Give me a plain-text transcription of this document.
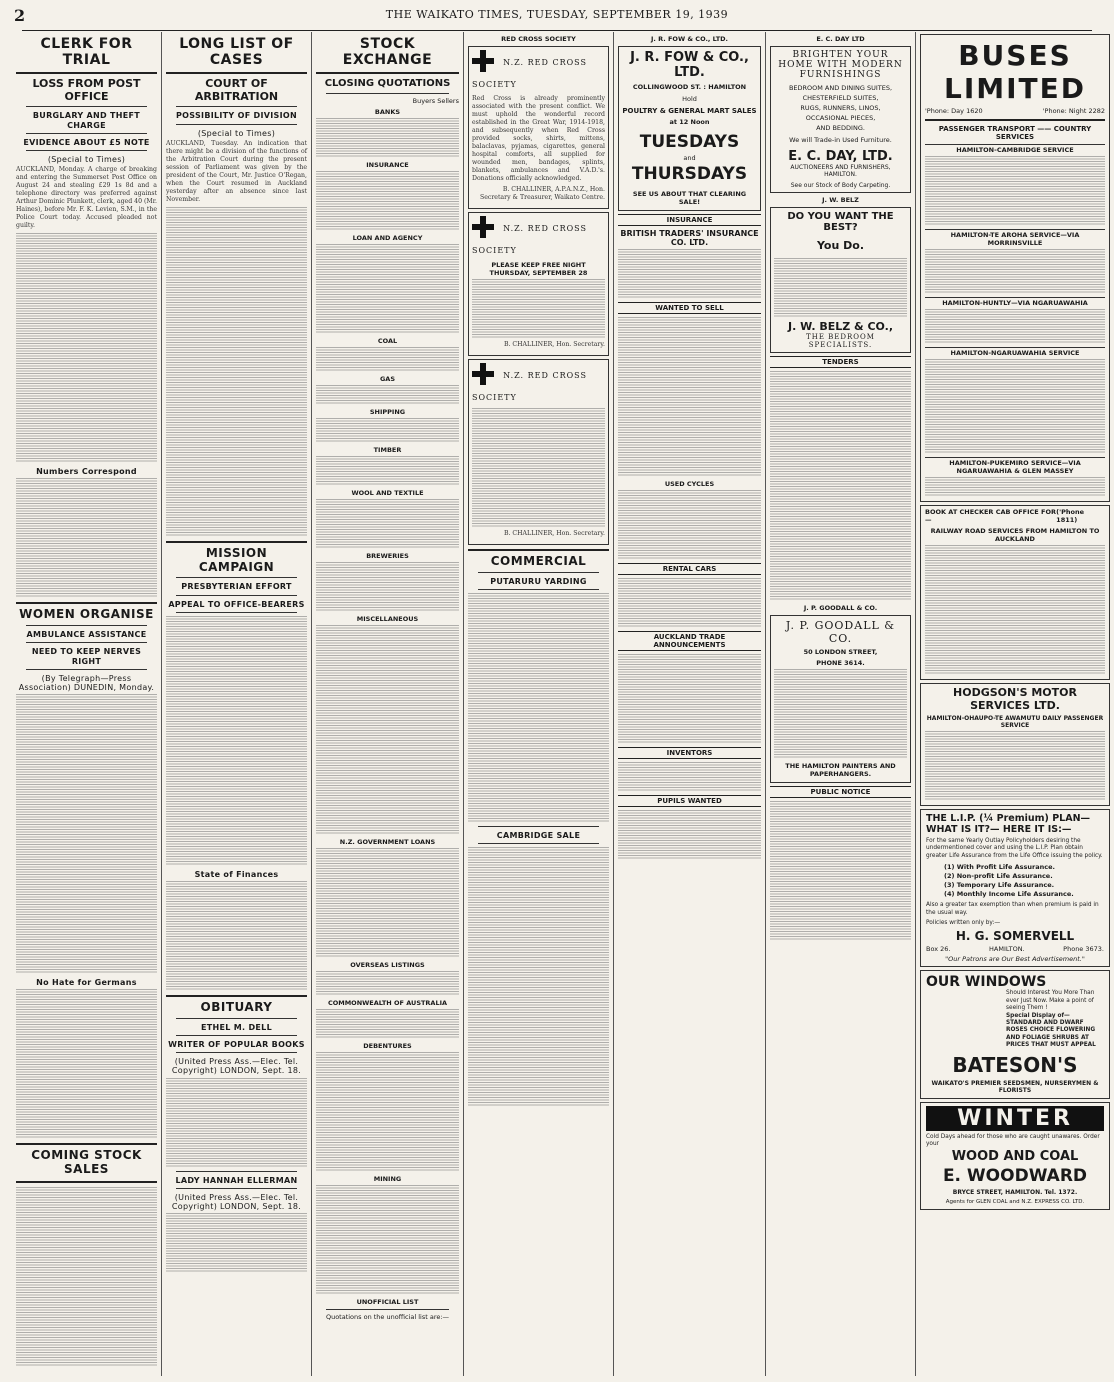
2	THE WAIKATO TIMES, TUESDAY, SEPTEMBER 19, 1939
CLERK FOR TRIAL
LOSS FROM POST OFFICE
BURGLARY AND THEFT CHARGE
EVIDENCE ABOUT £5 NOTE
(Special to Times)
AUCKLAND, Monday. A charge of breaking and entering the Summerset Post Office on August 24 and stealing £29 1s 8d and a telephone directory was preferred against Arthur Dominic Plunkett, clerk, aged 40 (Mr. Haines), before Mr. F. K. Levien, S.M., in the Police Court today. Accused pleaded not guilty.
Numbers Correspond
WOMEN ORGANISE
AMBULANCE ASSISTANCE
NEED TO KEEP NERVES RIGHT
(By Telegraph—Press Association) DUNEDIN, Monday.
No Hate for Germans
COMING STOCK SALES
LONG LIST OF CASES
COURT OF ARBITRATION
POSSIBILITY OF DIVISION
(Special to Times)
AUCKLAND, Tuesday. An indication that there might be a division of the functions of the Arbitration Court during the present session of Parliament was given by the president of the Court, Mr. Justice O'Regan, when the Court resumed in Auckland yesterday after an absence since last November.
MISSION CAMPAIGN
PRESBYTERIAN EFFORT
APPEAL TO OFFICE-BEARERS
State of Finances
OBITUARY
ETHEL M. DELL
WRITER OF POPULAR BOOKS
(United Press Ass.—Elec. Tel. Copyright) LONDON, Sept. 18.
LADY HANNAH ELLERMAN
(United Press Ass.—Elec. Tel. Copyright) LONDON, Sept. 18.
STOCK EXCHANGE
CLOSING QUOTATIONS
Buyers Sellers
BANKS
INSURANCE
LOAN AND AGENCY
COAL
GAS
SHIPPING
TIMBER
WOOL AND TEXTILE
BREWERIES
MISCELLANEOUS
N.Z. GOVERNMENT LOANS
OVERSEAS LISTINGS
COMMONWEALTH OF AUSTRALIA
DEBENTURES
MINING
UNOFFICIAL LIST
Quotations on the unofficial list are:—
RED CROSS SOCIETY
N.Z. RED CROSS SOCIETY
Red Cross is already prominently associated with the present conflict. We must uphold the wonderful record established in the Great War, 1914-1918, and subsequently when Red Cross provided socks, shirts, mittens, balaclavas, pyjamas, cigarettes, general hospital comforts, all supplied for wounded men, bandages, splints, blankets, ambulances and V.A.D.'s. Donations officially acknowledged.
B. CHALLINER, A.P.A.N.Z., Hon. Secretary & Treasurer, Waikato Centre.
N.Z. RED CROSS SOCIETY
PLEASE KEEP FREE NIGHT THURSDAY, SEPTEMBER 28
B. CHALLINER, Hon. Secretary.
N.Z. RED CROSS SOCIETY
B. CHALLINER, Hon. Secretary.
COMMERCIAL
PUTARURU YARDING
CAMBRIDGE SALE
J. R. FOW & CO., LTD.
J. R. FOW & CO., LTD.
COLLINGWOOD ST. : HAMILTON
Hold
POULTRY & GENERAL MART SALES
at 12 Noon
TUESDAYS
and
THURSDAYS
SEE US ABOUT THAT CLEARING SALE!
INSURANCE
BRITISH TRADERS' INSURANCE CO. LTD.
WANTED TO SELL
USED CYCLES
RENTAL CARS
AUCKLAND TRADE ANNOUNCEMENTS
INVENTORS
PUPILS WANTED
E. C. DAY LTD
BRIGHTEN YOUR HOME WITH MODERN FURNISHINGS
BEDROOM AND DINING SUITES,
CHESTERFIELD SUITES,
RUGS, RUNNERS, LINOS,
OCCASIONAL PIECES,
AND BEDDING.
We will Trade-in Used Furniture.
E. C. DAY, LTD.
AUCTIONEERS AND FURNISHERS, HAMILTON.
See our Stock of Body Carpeting.
J. W. BELZ
DO YOU WANT THE BEST?
You Do.
J. W. BELZ & CO.,
THE BEDROOM SPECIALISTS.
TENDERS
J. P. GOODALL & CO.
J. P. GOODALL & CO.
50 LONDON STREET,
PHONE 3614.
THE HAMILTON PAINTERS AND PAPERHANGERS.
PUBLIC NOTICE
BUSES LIMITED
'Phone: Day 1620	'Phone: Night 2282
PASSENGER TRANSPORT —— COUNTRY SERVICES
HAMILTON-CAMBRIDGE SERVICE
HAMILTON-TE AROHA SERVICE—VIA MORRINSVILLE
HAMILTON-HUNTLY—VIA NGARUAWAHIA
HAMILTON-NGARUAWAHIA SERVICE
HAMILTON-PUKEMIRO SERVICE—VIA NGARUAWAHIA & GLEN MASSEY
BOOK AT CHECKER CAB OFFICE FOR—
('Phone 1811)
RAILWAY ROAD SERVICES FROM HAMILTON TO AUCKLAND
HODGSON'S MOTOR SERVICES LTD.
HAMILTON-OHAUPO-TE AWAMUTU DAILY PASSENGER SERVICE
THE L.I.P. (¼ Premium) PLAN—WHAT IS IT?— HERE IT IS:—
For the same Yearly Outlay Policyholders desiring the undermentioned cover and using the L.I.P. Plan obtain greater Life Assurance from the Life Office issuing the policy.
(1) With Profit Life Assurance.
(2) Non-profit Life Assurance.
(3) Temporary Life Assurance.
(4) Monthly Income Life Assurance.
Also a greater tax exemption than when premium is paid in the usual way.
Policies written only by:—
H. G. SOMERVELL
Box 26.	HAMILTON.	Phone 3673.
"Our Patrons are Our Best Advertisement."
OUR WINDOWS
Should Interest You More Than ever Just Now. Make a point of seeing Them !
Special Display of— STANDARD AND DWARF ROSES CHOICE FLOWERING AND FOLIAGE SHRUBS AT PRICES THAT MUST APPEAL
BATESON'S
WAIKATO'S PREMIER SEEDSMEN, NURSERYMEN & FLORISTS
WINTER
Cold Days ahead for those who are caught unawares. Order your
WOOD AND COAL
E. WOODWARD
BRYCE STREET, HAMILTON. Tel. 1372.
Agents for GLEN COAL and N.Z. EXPRESS CO. LTD.
